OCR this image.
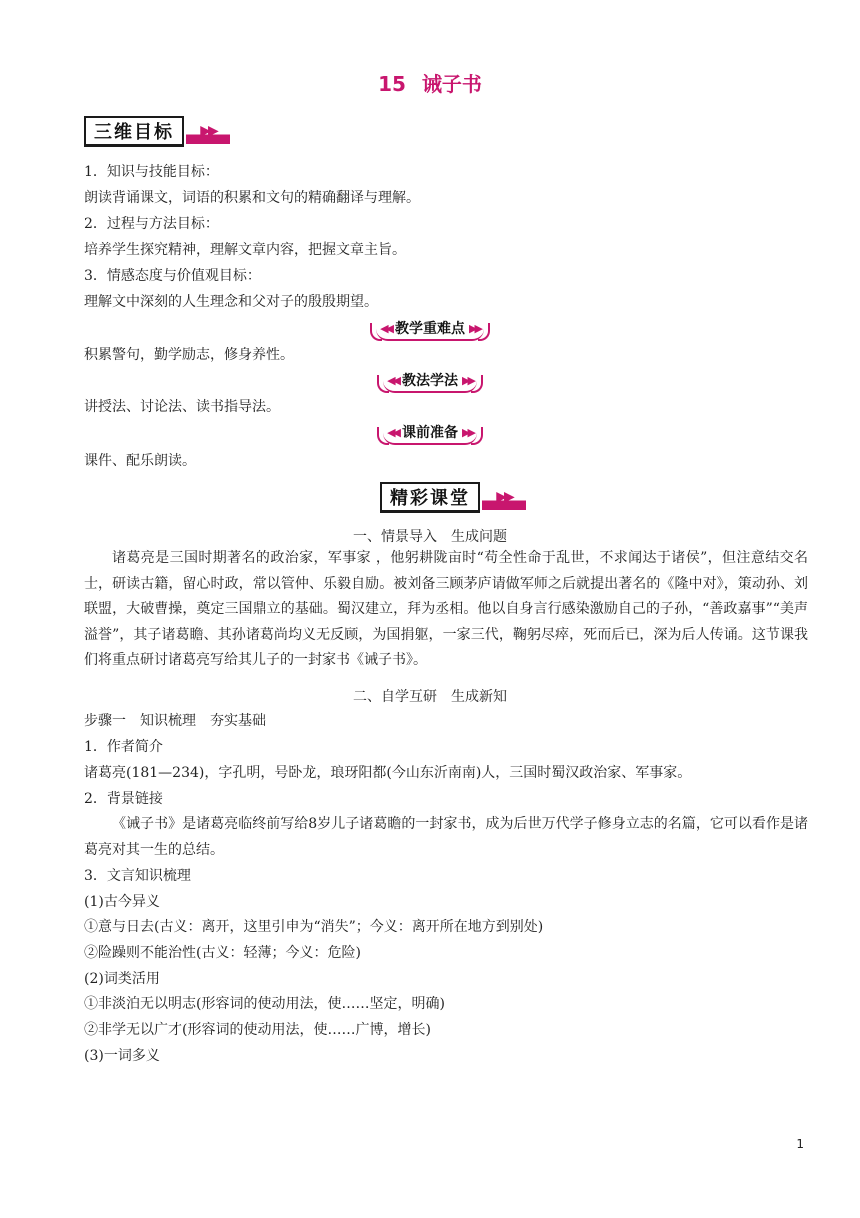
15 诫子书
三维目标	▶▶
1．知识与技能目标：
朗读背诵课文，词语的积累和文句的精确翻译与理解。
2．过程与方法目标：
培养学生探究精神，理解文章内容，把握文章主旨。
3．情感态度与价值观目标：
理解文中深刻的人生理念和父对子的殷殷期望。
◀◀ 教学重难点 ▶▶
积累警句，勤学励志，修身养性。
◀◀ 教法学法 ▶▶
讲授法、讨论法、读书指导法。
◀◀ 课前准备 ▶▶
课件、配乐朗读。
精彩课堂	▶▶
一、情景导入　生成问题
诸葛亮是三国时期著名的政治家，军事家 ，他躬耕陇亩时“苟全性命于乱世，不求闻达于诸侯”，但注意结交名士，研读古籍，留心时政，常以管仲、乐毅自励。被刘备三顾茅庐请做军师之后就提出著名的《隆中对》，策动孙、刘联盟，大破曹操，奠定三国鼎立的基础。蜀汉建立，拜为丞相。他以自身言行感染激励自己的子孙，“善政嘉事”“美声溢誉”，其子诸葛瞻、其孙诸葛尚均义无反顾，为国捐躯，一家三代，鞠躬尽瘁，死而后已，深为后人传诵。这节课我们将重点研讨诸葛亮写给其儿子的一封家书《诫子书》。
二、自学互研　生成新知
步骤一　知识梳理　夯实基础
1．作者简介
诸葛亮(181—234)，字孔明，号卧龙，琅玡阳都(今山东沂南南)人，三国时蜀汉政治家、军事家。
2．背景链接
《诫子书》是诸葛亮临终前写给8岁儿子诸葛瞻的一封家书，成为后世万代学子修身立志的名篇，它可以看作是诸葛亮对其一生的总结。
3．文言知识梳理
(1)古今异义
①意与日去(古义：离开，这里引申为“消失”；今义：离开所在地方到别处)
②险躁则不能治性(古义：轻薄；今义：危险)
(2)词类活用
①非淡泊无以明志(形容词的使动用法，使……坚定，明确)
②非学无以广才(形容词的使动用法，使……广博，增长)
(3)一词多义
1
